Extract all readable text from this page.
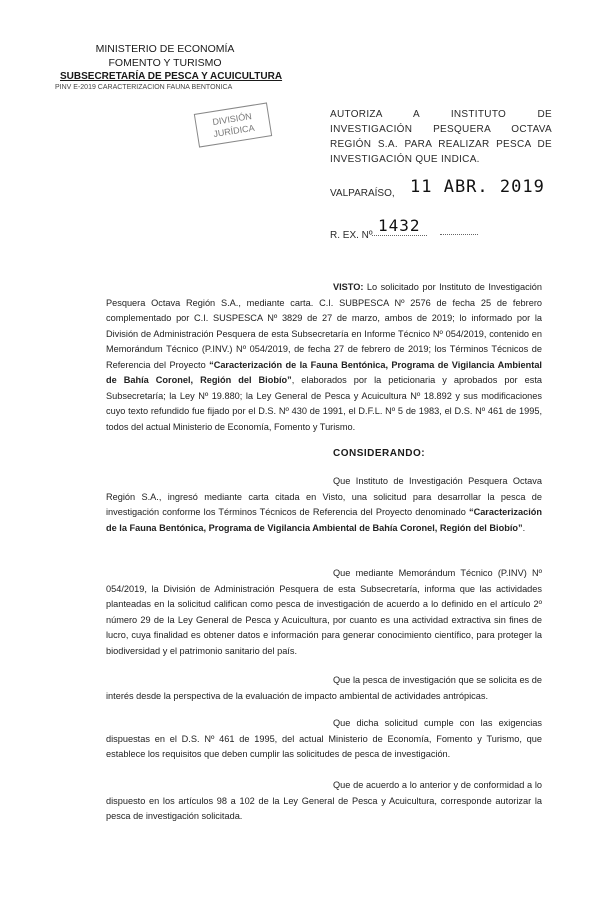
MINISTERIO DE ECONOMÍA
FOMENTO Y TURISMO
SUBSECRETARÍA DE PESCA Y ACUICULTURA
PINV E-2019 CARACTERIZACION FAUNA BENTONICA
DIVISIÓN
JURÍDICA
AUTORIZA A INSTITUTO DE INVESTIGACIÓN PESQUERA OCTAVA REGIÓN S.A. PARA REALIZAR PESCA DE INVESTIGACIÓN QUE INDICA.
VALPARAÍSO, 11 ABR. 2019
R. EX. Nº
1432

VISTO: Lo solicitado por Instituto de Investigación Pesquera Octava Región S.A., mediante carta. C.I. SUBPESCA Nº 2576 de fecha 25 de febrero complementado por C.I. SUSPESCA Nº 3829 de 27 de marzo, ambos de 2019; lo informado por la División de Administración Pesquera de esta Subsecretaría en Informe Técnico Nº 054/2019, contenido en Memorándum Técnico (P.INV.) Nº 054/2019, de fecha 27 de febrero de 2019; los Términos Técnicos de Referencia del Proyecto “Caracterización de la Fauna Bentónica, Programa de Vigilancia Ambiental de Bahía Coronel, Región del Biobío”, elaborados por la peticionaria y aprobados por esta Subsecretaría; la Ley Nº 19.880; la Ley General de Pesca y Acuicultura Nº 18.892 y sus modificaciones cuyo texto refundido fue fijado por el D.S. Nº 430 de 1991, el D.F.L. Nº 5 de 1983, el D.S. Nº 461 de 1995, todos del actual Ministerio de Economía, Fomento y Turismo.

CONSIDERANDO:

Que Instituto de Investigación Pesquera Octava Región S.A., ingresó mediante carta citada en Visto, una solicitud para desarrollar la pesca de investigación conforme los Términos Técnicos de Referencia del Proyecto denominado “Caracterización de la Fauna Bentónica, Programa de Vigilancia Ambiental de Bahía Coronel, Región del Biobío”.

Que mediante Memorándum Técnico (P.INV) Nº 054/2019, la División de Administración Pesquera de esta Subsecretaría, informa que las actividades planteadas en la solicitud califican como pesca de investigación de acuerdo a lo definido en el artículo 2º número 29 de la Ley General de Pesca y Acuicultura, por cuanto es una actividad extractiva sin fines de lucro, cuya finalidad es obtener datos e información para generar conocimiento científico, para proteger la biodiversidad y el patrimonio sanitario del país.

Que la pesca de investigación que se solicita es de interés desde la perspectiva de la evaluación de impacto ambiental de actividades antrópicas.

Que dicha solicitud cumple con las exigencias dispuestas en el D.S. Nº 461 de 1995, del actual Ministerio de Economía, Fomento y Turismo, que establece los requisitos que deben cumplir las solicitudes de pesca de investigación.

Que de acuerdo a lo anterior y de conformidad a lo dispuesto en los artículos 98 a 102 de la Ley General de Pesca y Acuicultura, corresponde autorizar la pesca de investigación solicitada.
